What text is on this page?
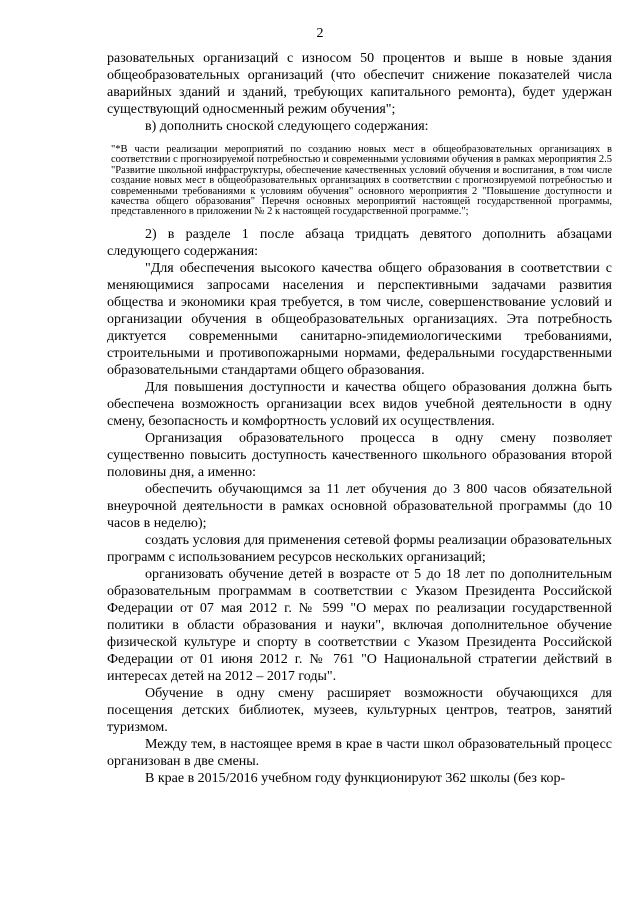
2

разовательных организаций с износом 50 процентов и выше в новые здания общеобразовательных организаций (что обеспечит снижение показателей числа аварийных зданий и зданий, требующих капитального ремонта), будет удержан существующий односменный режим обучения";

в) дополнить сноской следующего содержания:

"*В части реализации мероприятий по созданию новых мест в общеобразовательных организациях в соответствии с прогнозируемой потребностью и современными условиями обучения в рамках мероприятия 2.5 "Развитие школьной инфраструктуры, обеспечение качественных условий обучения и воспитания, в том числе создание новых мест в общеобразовательных организациях в соответствии с прогнозируемой потребностью и современными требованиями к условиям обучения" основного мероприятия 2 "Повышение доступности и качества общего образования" Перечня основных мероприятий настоящей государственной программы, представленного в приложении № 2 к настоящей государственной программе.";

2) в разделе 1 после абзаца тридцать девятого дополнить абзацами следующего содержания:

"Для обеспечения высокого качества общего образования в соответствии с меняющимися запросами населения и перспективными задачами развития общества и экономики края требуется, в том числе, совершенствование условий и организации обучения в общеобразовательных организациях. Эта потребность диктуется современными санитарно-эпидемиологическими требованиями, строительными и противопожарными нормами, федеральными государственными образовательными стандартами общего образования.

Для повышения доступности и качества общего образования должна быть обеспечена возможность организации всех видов учебной деятельности в одну смену, безопасность и комфортность условий их осуществления.

Организация образовательного процесса в одну смену позволяет существенно повысить доступность качественного школьного образования второй половины дня, а именно:

обеспечить обучающимся за 11 лет обучения до 3 800 часов обязательной внеурочной деятельности в рамках основной образовательной программы (до 10 часов в неделю);

создать условия для применения сетевой формы реализации образовательных программ с использованием ресурсов нескольких организаций;

организовать обучение детей в возрасте от 5 до 18 лет по дополнительным образовательным программам в соответствии с Указом Президента Российской Федерации от 07 мая 2012 г. № 599 "О мерах по реализации государственной политики в области образования и науки", включая дополнительное обучение физической культуре и спорту в соответствии с Указом Президента Российской Федерации от 01 июня 2012 г. № 761 "О Национальной стратегии действий в интересах детей на 2012 – 2017 годы".

Обучение в одну смену расширяет возможности обучающихся для посещения детских библиотек, музеев, культурных центров, театров, занятий туризмом.

Между тем, в настоящее время в крае в части школ образовательный процесс организован в две смены.

В крае в 2015/2016 учебном году функционируют 362 школы (без кор-
